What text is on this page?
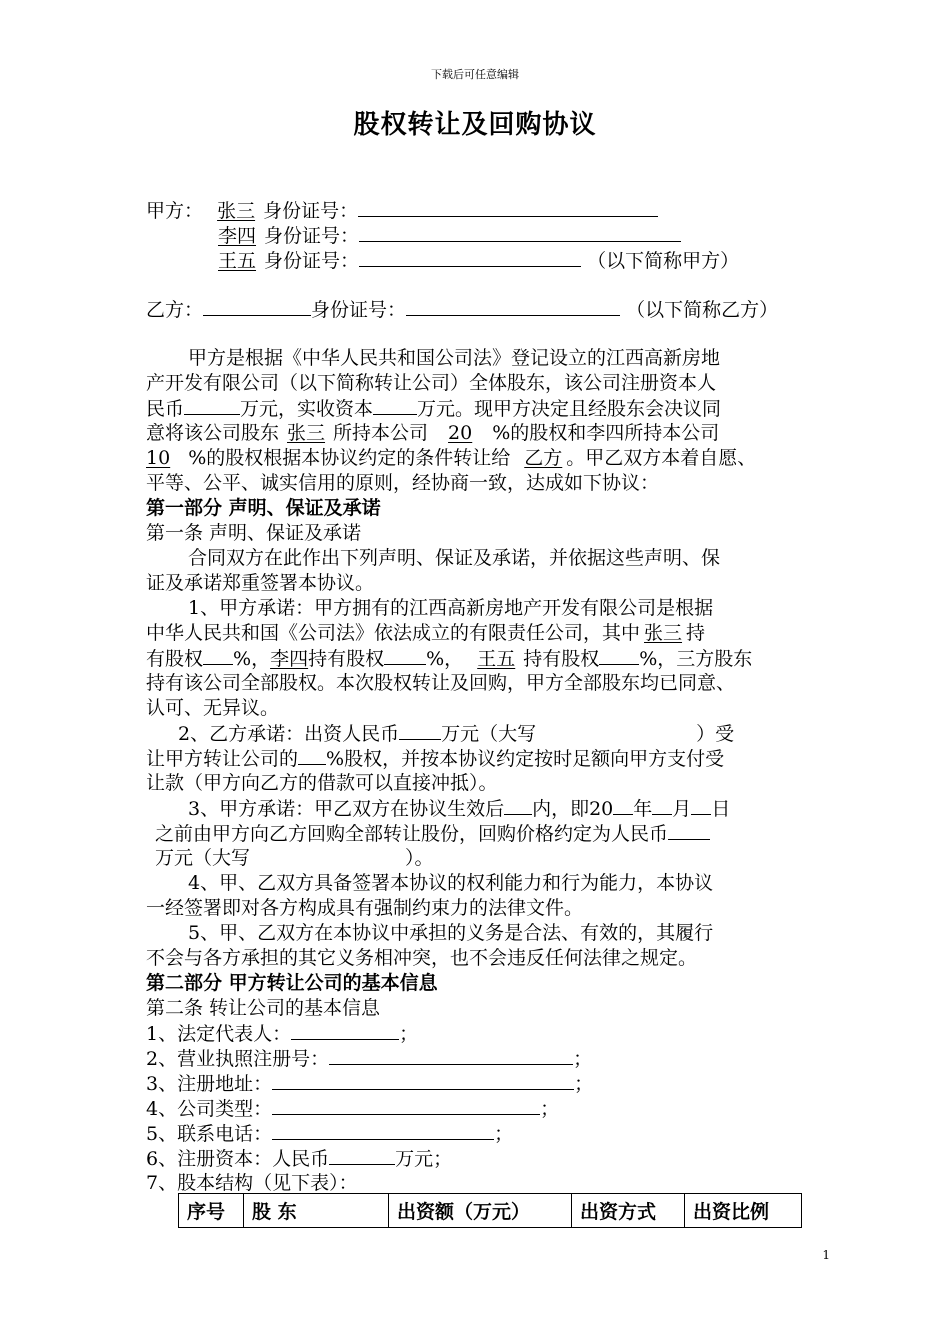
下载后可任意编辑
股权转让及回购协议
甲方： 张三 身份证号：
李四 身份证号：
王五 身份证号：	（以下简称甲方）
乙方：	身份证号：	（以下简称乙方）
甲方是根据《中华人民共和国公司法》登记设立的江西高新房地
产开发有限公司（以下简称转让公司）全体股东，该公司注册资本人
民币	万元，实收资本 万元。现甲方决定且经股东会决议同
意将该公司股东 张三 所持本公司 20 %的股权和李四所持本公司
10 %的股权根据本协议约定的条件转让给 乙方 。甲乙双方本着自愿、
平等、公平、诚实信用的原则，经协商一致，达成如下协议：
第一部分 声明、保证及承诺
第一条 声明、保证及承诺
合同双方在此作出下列声明、保证及承诺，并依据这些声明、保
证及承诺郑重签署本协议。
1、甲方承诺：甲方拥有的江西高新房地产开发有限公司是根据
中华人民共和国《公司法》依法成立的有限责任公司，其中 张三 持
有股权 %，李四持有股权 %， 王五 持有股权 %，三方股东
持有该公司全部股权。本次股权转让及回购，甲方全部股东均已同意、
认可、无异议。
2、乙方承诺：出资人民币 万元（大写	）受
让甲方转让公司的 %股权，并按本协议约定按时足额向甲方支付受
让款（甲方向乙方的借款可以直接冲抵）。
3、甲方承诺：甲乙双方在协议生效后 内，即20 年 月 日
之前由甲方向乙方回购全部转让股份，回购价格约定为人民币
万元（大写	）。
4、甲、乙双方具备签署本协议的权利能力和行为能力，本协议
一经签署即对各方构成具有强制约束力的法律文件。
5、甲、乙双方在本协议中承担的义务是合法、有效的，其履行
不会与各方承担的其它义务相冲突，也不会违反任何法律之规定。
第二部分 甲方转让公司的基本信息
第二条 转让公司的基本信息
1、法定代表人：	；
2、营业执照注册号：	；
3、注册地址：	；
4、公司类型：	；
5、联系电话：	；
6、注册资本：人民币	万元；
7、股本结构（见下表）：
序号	股 东	出资额（万元）	出资方式	出资比例
1
